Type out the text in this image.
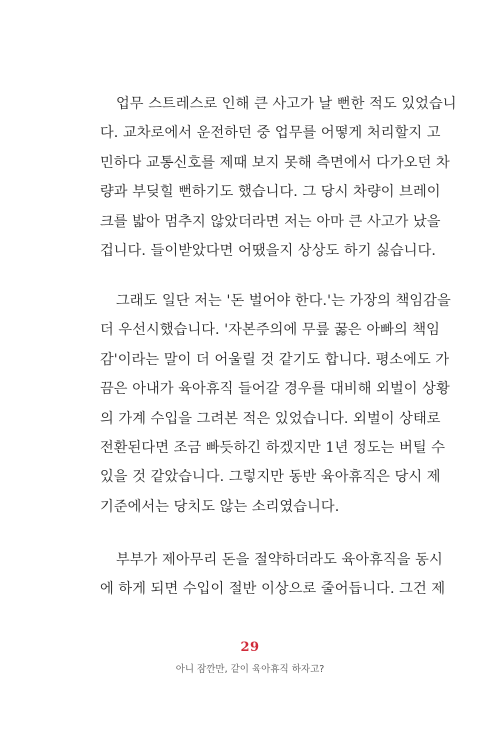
업무 스트레스로 인해 큰 사고가 날 뻔한 적도 있었습니
다. 교차로에서 운전하던 중 업무를 어떻게 처리할지 고
민하다 교통신호를 제때 보지 못해 측면에서 다가오던 차
량과 부딪힐 뻔하기도 했습니다. 그 당시 차량이 브레이
크를 밟아 멈추지 않았더라면 저는 아마 큰 사고가 났을
겁니다. 들이받았다면 어땠을지 상상도 하기 싫습니다.
그래도 일단 저는 '돈 벌어야 한다.'는 가장의 책임감을
더 우선시했습니다. '자본주의에 무릎 꿇은 아빠의 책임
감'이라는 말이 더 어울릴 것 같기도 합니다. 평소에도 가
끔은 아내가 육아휴직 들어갈 경우를 대비해 외벌이 상황
의 가계 수입을 그려본 적은 있었습니다. 외벌이 상태로
전환된다면 조금 빠듯하긴 하겠지만 1년 정도는 버틸 수
있을 것 같았습니다. 그렇지만 동반 육아휴직은 당시 제
기준에서는 당치도 않는 소리였습니다.
부부가 제아무리 돈을 절약하더라도 육아휴직을 동시
에 하게 되면 수입이 절반 이상으로 줄어듭니다. 그건 제
29
아니 잠깐만, 같이 육아휴직 하자고?
